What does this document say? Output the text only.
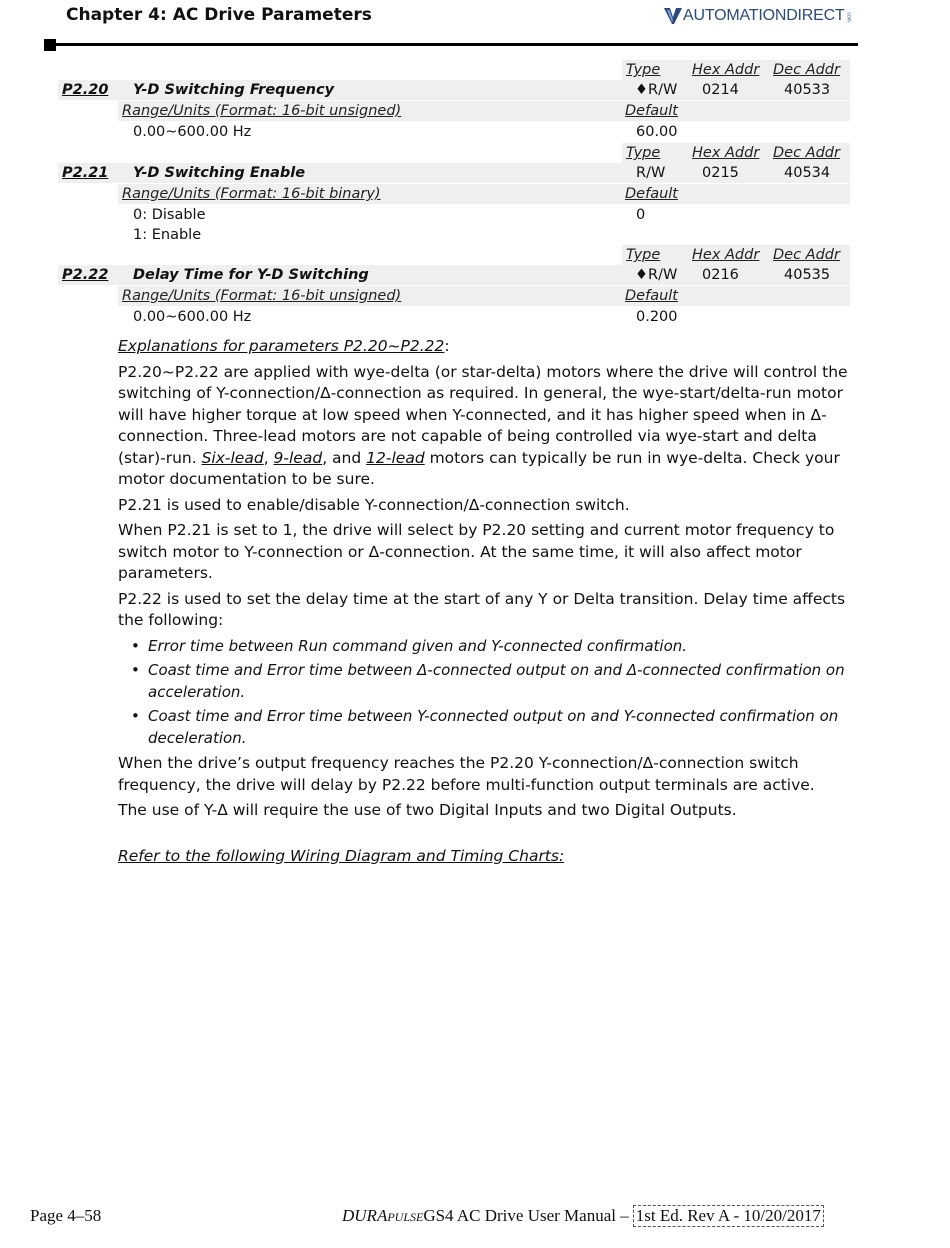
Chapter 4: AC Drive Parameters	AUTOMATIONDIRECT .com
Type Hex Addr Dec Addr
P2.20 Y-D Switching Frequency	♦R/W 0214	40533
Range/Units (Format: 16-bit unsigned)	Default
0.00~600.00 Hz	60.00
Type Hex Addr Dec Addr
P2.21 Y-D Switching Enable	R/W	0215	40534
Range/Units (Format: 16-bit binary)	Default
0: Disable	0
1: Enable
Type Hex Addr Dec Addr
P2.22 Delay Time for Y-D Switching	♦R/W 0216	40535
Range/Units (Format: 16-bit unsigned)	Default
0.00~600.00 Hz	0.200

Explanations for parameters P2.20~P2.22:

P2.20~P2.22 are applied with wye-delta (or star-delta) motors where the drive will control the switching of Y-connection/Δ-connection as required. In general, the wye-start/delta-run motor will have higher torque at low speed when Y-connected, and it has higher speed when in Δ-connection. Three-lead motors are not capable of being controlled via wye-start and delta (star)-run. Six-lead, 9-lead, and 12-lead motors can typically be run in wye-delta. Check your motor documentation to be sure.

P2.21 is used to enable/disable Y-connection/Δ-connection switch.

When P2.21 is set to 1, the drive will select by P2.20 setting and current motor frequency to switch motor to Y-connection or Δ-connection. At the same time, it will also affect motor parameters.

P2.22 is used to set the delay time at the start of any Y or Delta transition. Delay time affects the following:

• Error time between Run command given and Y-connected confirmation.
• Coast time and Error time between Δ-connected output on and Δ-connected confirmation on acceleration.
• Coast time and Error time between Y-connected output on and Y-connected confirmation on deceleration.

When the drive’s output frequency reaches the P2.20 Y-connection/Δ-connection switch frequency, the drive will delay by P2.22 before multi-function output terminals are active.

The use of Y-Δ will require the use of two Digital Inputs and two Digital Outputs.

Refer to the following Wiring Diagram and Timing Charts:

Page 4–58	DURA pulse GS4 AC Drive User Manual – 1st Ed. Rev A - 10/20/2017
